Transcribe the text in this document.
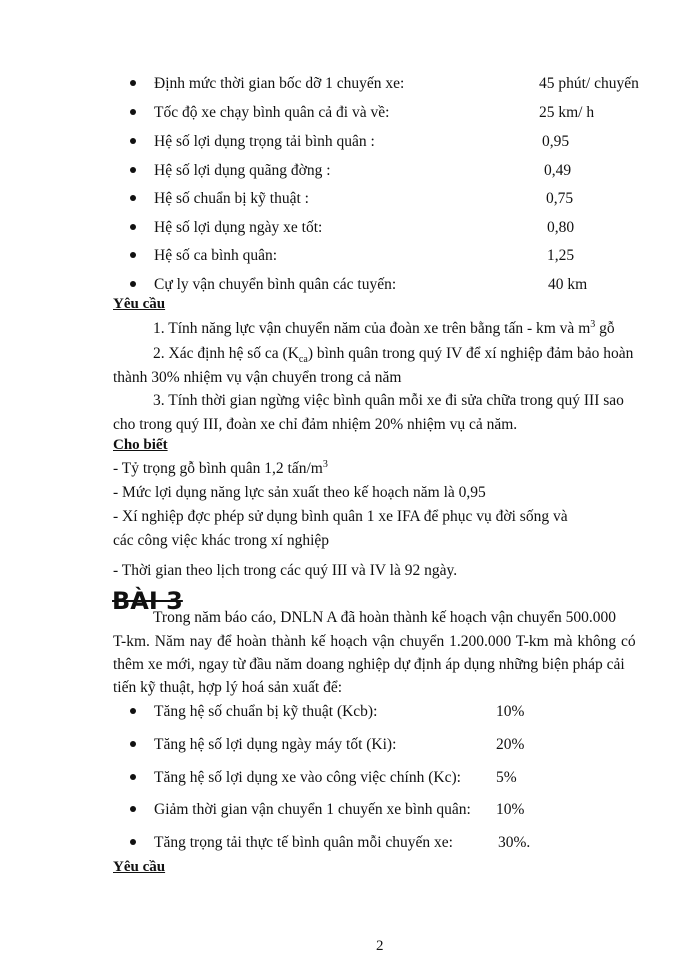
Định mức thời gian bốc dỡ 1 chuyến xe:	45 phút/ chuyến
Tốc độ xe chạy bình quân cả đi và về:	25 km/ h
Hệ số lợi dụng trọng tải bình quân :	0,95
Hệ số lợi dụng quãng đờng :	0,49
Hệ số chuẩn bị kỹ thuật :	0,75
Hệ số lợi dụng ngày xe tốt:	0,80
Hệ số ca bình quân:	1,25
Cự ly vận chuyển bình quân các tuyến:	40 km
Yêu cầu
1. Tính năng lực vận chuyển năm của đoàn xe trên bằng tấn - km và $m^3$ gỗ
2. Xác định hệ số ca $(K_{ca})$ bình quân trong quý IV để xí nghiệp đảm bảo hoàn
thành 30% nhiệm vụ vận chuyển trong cả năm
3. Tính thời gian ngừng việc bình quân mỗi xe đi sửa chữa trong quý III sao
cho trong quý III, đoàn xe chỉ đảm nhiệm 20% nhiệm vụ cả năm.
Cho biết
- Tỷ trọng gỗ bình quân 1,2 tấn/$m^3$
- Mức lợi dụng năng lực sản xuất theo kế hoạch năm là 0,95
- Xí nghiệp đợc phép sử dụng bình quân 1 xe IFA để phục vụ đời sống và
các công việc khác trong xí nghiệp
- Thời gian theo lịch trong các quý III và IV là 92 ngày.
BÀI 3
Trong năm báo cáo, DNLN A đã hoàn thành kế hoạch vận chuyển 500.000
T-km. Năm nay để hoàn thành kế hoạch vận chuyển 1.200.000 T-km mà không có
thêm xe mới, ngay từ đầu năm doang nghiệp dự định áp dụng những biện pháp cải
tiến kỹ thuật, hợp lý hoá sản xuất để:
Tăng hệ số chuẩn bị kỹ thuật (Kcb):	10%
Tăng hệ số lợi dụng ngày máy tốt (Ki):	20%
Tăng hệ số lợi dụng xe vào công việc chính (Kc): 5%
Giảm thời gian vận chuyển 1 chuyến xe bình quân: 10%
Tăng trọng tải thực tế bình quân mỗi chuyến xe:	30%.
Yêu cầu
2
